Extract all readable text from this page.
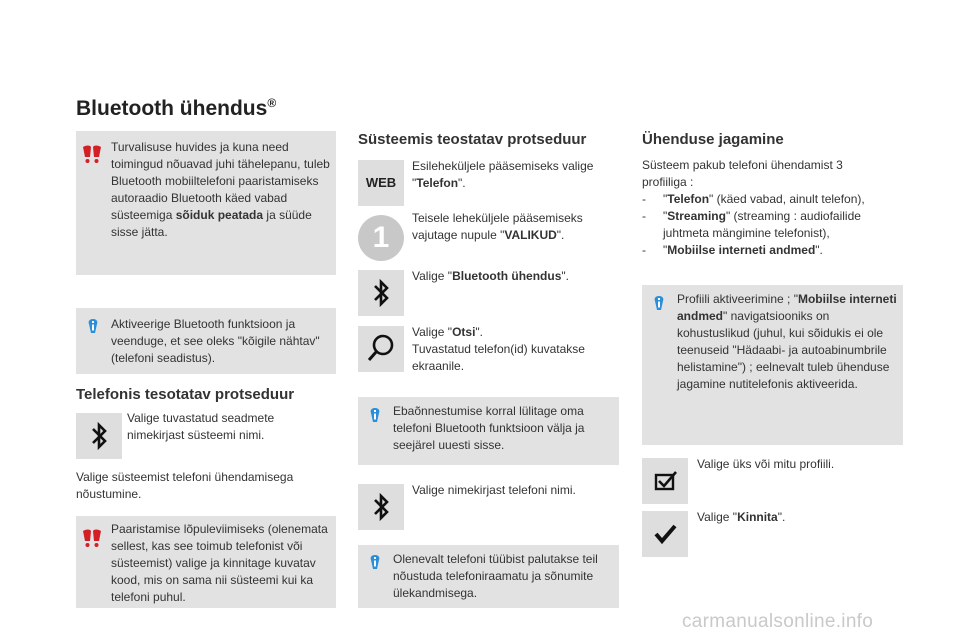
Bluetooth ühendus®
Turvalisuse huvides ja kuna need toimingud nõuavad juhi tähelepanu, tuleb Bluetooth mobiiltelefoni paaristamiseks autoraadio Bluetooth käed vabad süsteemiga sõiduk peatada ja süüde sisse jätta.
Aktiveerige Bluetooth funktsioon ja veenduge, et see oleks "kõigile nähtav" (telefoni seadistus).
Telefonis tesotatav protseduur

Valige tuvastatud seadmete nimekirjast süsteemi nimi.

Valige süsteemist telefoni ühendamisega nõustumine.

Paaristamise lõpuleviimiseks (olenemata sellest, kas see toimub telefonist või süsteemist) valige ja kinnitage kuvatav kood, mis on sama nii süsteemi kui ka telefoni puhul.
Süsteemis teostatav protseduur
WEB

Esileheküljele pääsemiseks valige "Telefon".

1

Teisele leheküljele pääsemiseks vajutage nupule "VALIKUD".

Valige "Bluetooth ühendus".

Valige "Otsi".
Tuvastatud telefon(id) kuvatakse ekraanile.

Ebaõnnestumise korral lülitage oma telefoni Bluetooth funktsioon välja ja seejärel uuesti sisse.

Valige nimekirjast telefoni nimi.

Olenevalt telefoni tüübist palutakse teil nõustuda telefoniraamatu ja sõnumite ülekandmisega.
Ühenduse jagamine

Süsteem pakub telefoni ühendamist 3 profiiliga :

- "Telefon" (käed vabad, ainult telefon),
- "Streaming" (streaming : audiofailide juhtmeta mängimine telefonist),
- "Mobiilse interneti andmed".
Profiili aktiveerimine ; "Mobiilse interneti andmed" navigatsiooniks on kohustuslikud (juhul, kui sõidukis ei ole teenuseid "Hädaabi- ja autoabinumbrile helistamine") ; eelnevalt tuleb ühenduse jagamine nutitelefonis aktiveerida.

Valige üks või mitu profiili.

Valige "Kinnita".

carmanualsonline.info
